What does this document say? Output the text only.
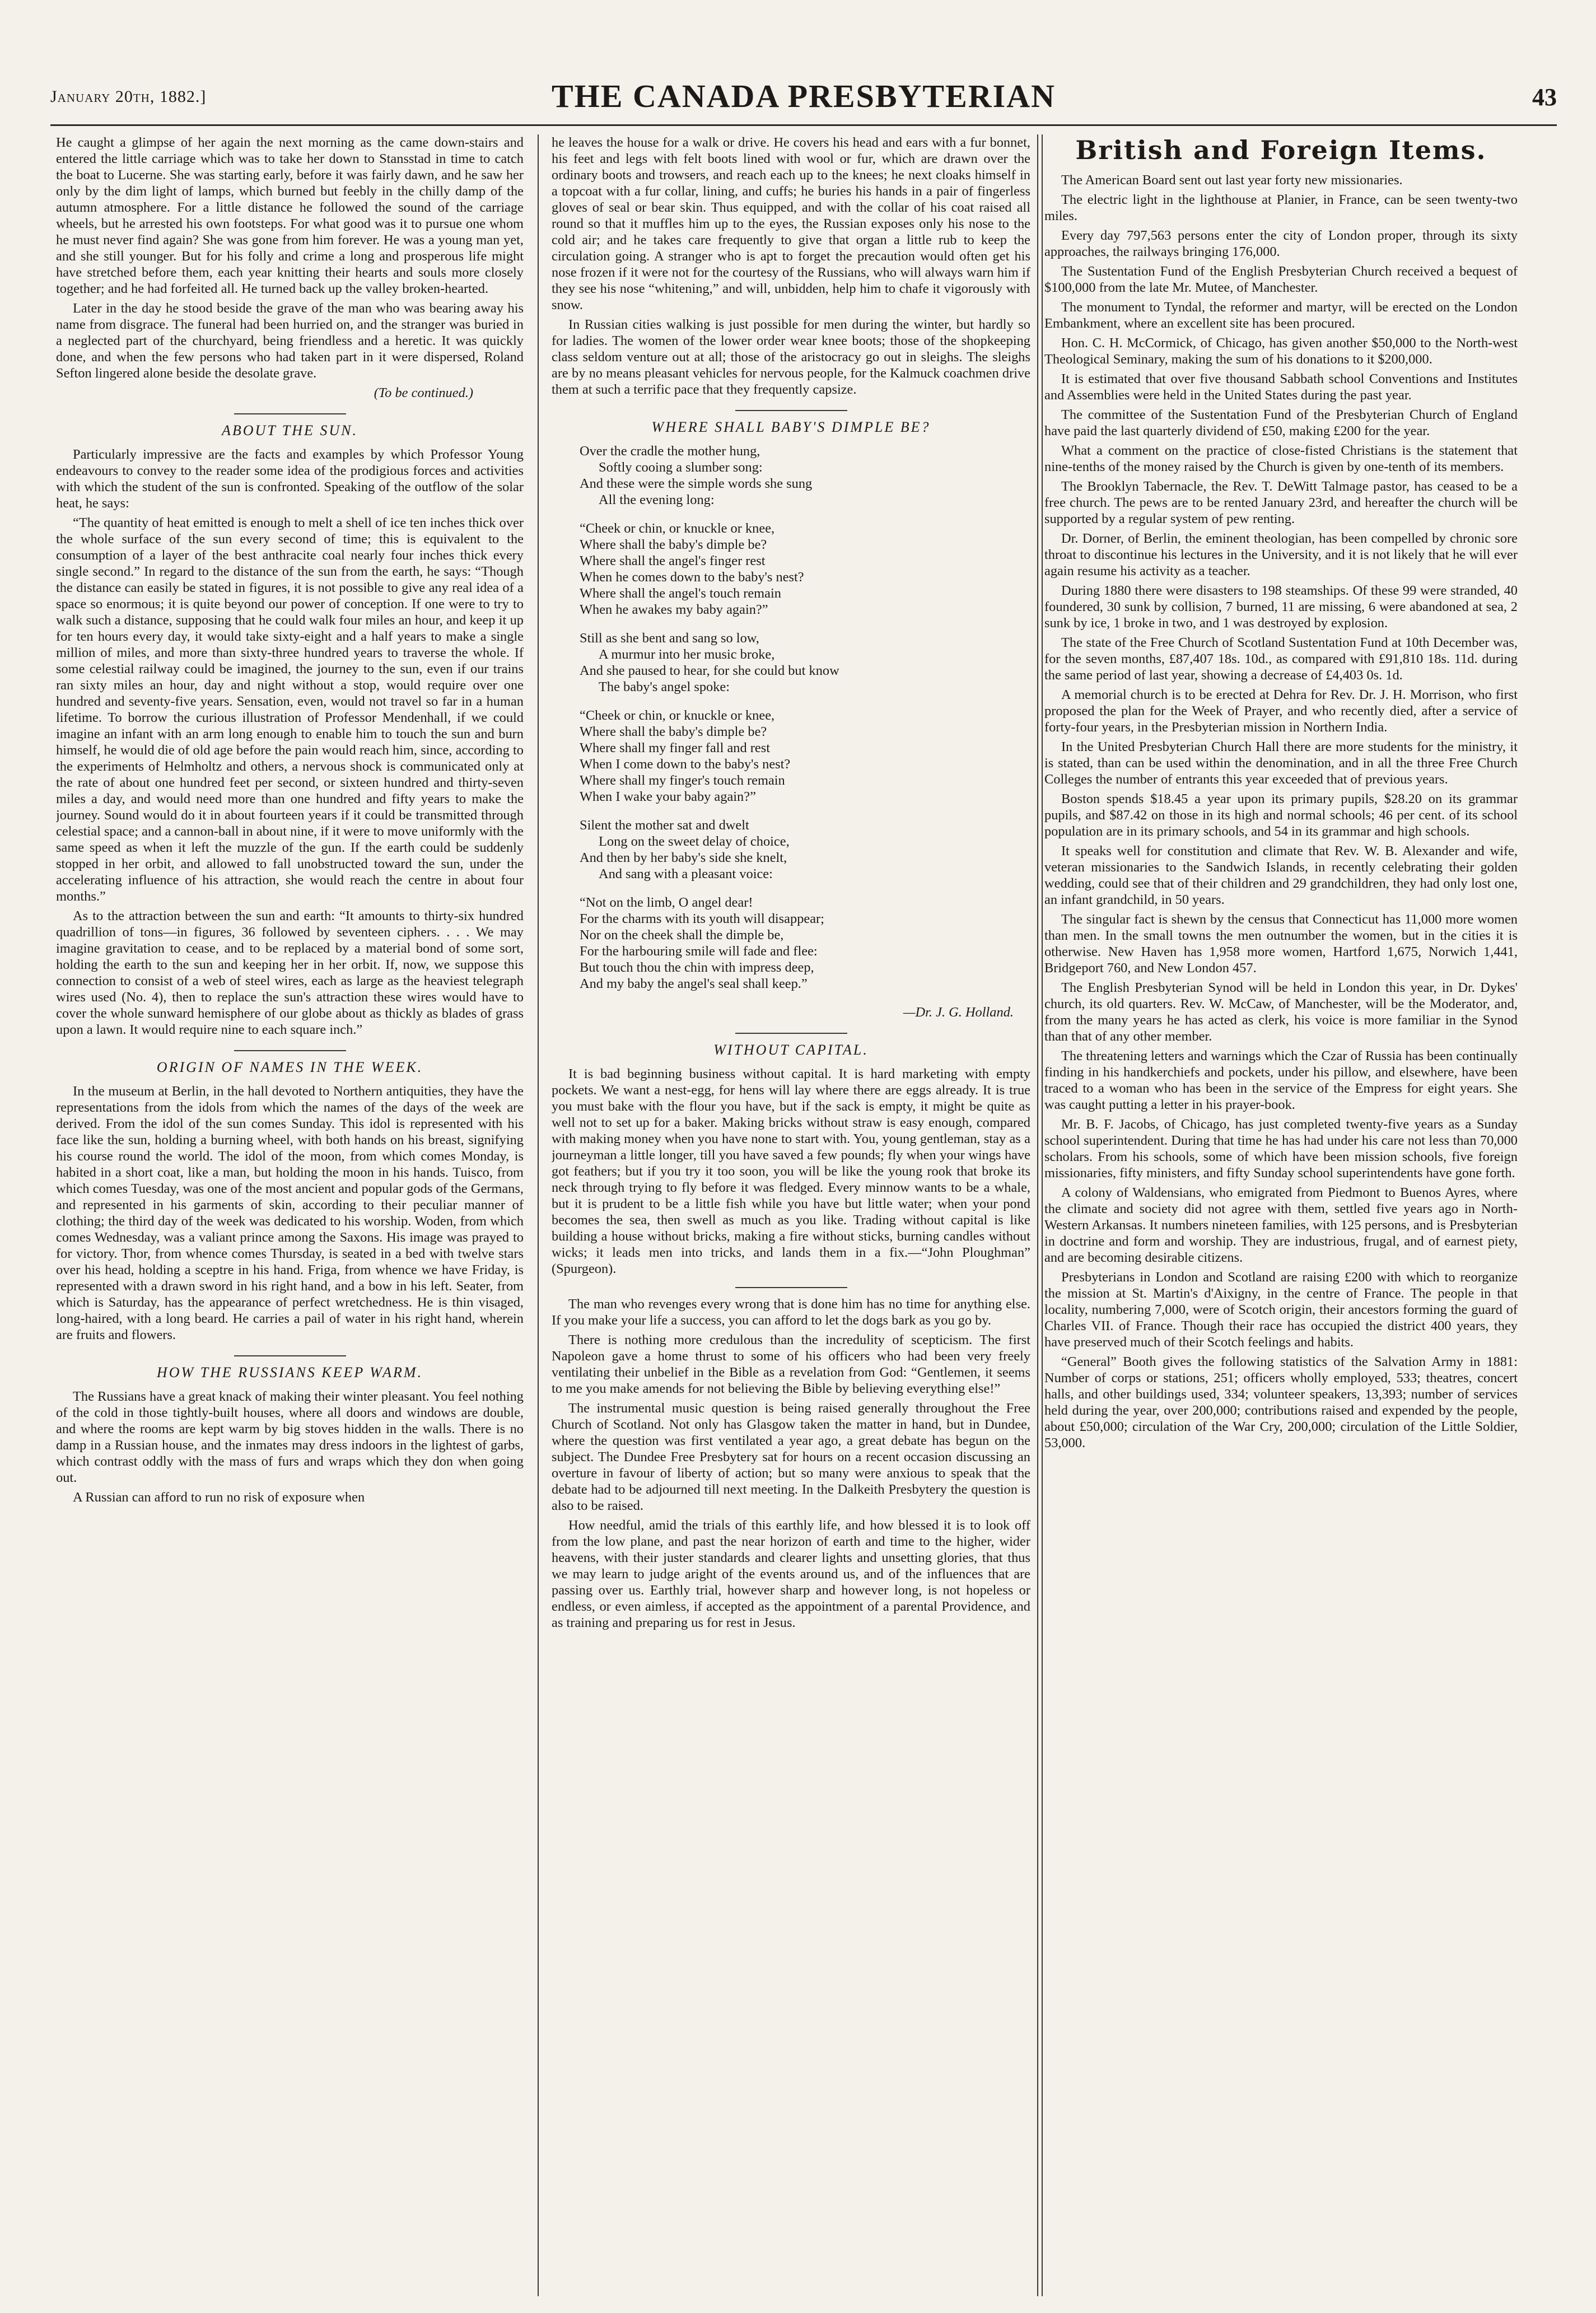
January 20th, 1882.]	THE CANADA PRESBYTERIAN	43

He caught a glimpse of her again the next morning as the came down-stairs and entered the little carriage which was to take her down to Stansstad in time to catch the boat to Lucerne. She was starting early, before it was fairly dawn, and he saw her only by the dim light of lamps, which burned but feebly in the chilly damp of the autumn atmosphere. For a little distance he followed the sound of the carriage wheels, but he arrested his own footsteps. For what good was it to pursue one whom he must never find again? She was gone from him forever. He was a young man yet, and she still younger. But for his folly and crime a long and prosperous life might have stretched before them, each year knitting their hearts and souls more closely together; and he had forfeited all. He turned back up the valley broken-hearted.

Later in the day he stood beside the grave of the man who was bearing away his name from disgrace. The funeral had been hurried on, and the stranger was buried in a neglected part of the churchyard, being friendless and a heretic. It was quickly done, and when the few persons who had taken part in it were dispersed, Roland Sefton lingered alone beside the desolate grave.

(To be continued.)
ABOUT THE SUN.

Particularly impressive are the facts and examples by which Professor Young endeavours to convey to the reader some idea of the prodigious forces and activities with which the student of the sun is confronted. Speaking of the outflow of the solar heat, he says:

“The quantity of heat emitted is enough to melt a shell of ice ten inches thick over the whole surface of the sun every second of time; this is equivalent to the consumption of a layer of the best anthracite coal nearly four inches thick every single second.” In regard to the distance of the sun from the earth, he says: “Though the distance can easily be stated in figures, it is not possible to give any real idea of a space so enormous; it is quite beyond our power of conception. If one were to try to walk such a distance, supposing that he could walk four miles an hour, and keep it up for ten hours every day, it would take sixty-eight and a half years to make a single million of miles, and more than sixty-three hundred years to traverse the whole. If some celestial railway could be imagined, the journey to the sun, even if our trains ran sixty miles an hour, day and night without a stop, would require over one hundred and seventy-five years. Sensation, even, would not travel so far in a human lifetime. To borrow the curious illustration of Professor Mendenhall, if we could imagine an infant with an arm long enough to enable him to touch the sun and burn himself, he would die of old age before the pain would reach him, since, according to the experiments of Helmholtz and others, a nervous shock is communicated only at the rate of about one hundred feet per second, or sixteen hundred and thirty-seven miles a day, and would need more than one hundred and fifty years to make the journey. Sound would do it in about fourteen years if it could be transmitted through celestial space; and a cannon-ball in about nine, if it were to move uniformly with the same speed as when it left the muzzle of the gun. If the earth could be suddenly stopped in her orbit, and allowed to fall unobstructed toward the sun, under the accelerating influence of his attraction, she would reach the centre in about four months.”

As to the attraction between the sun and earth: “It amounts to thirty-six hundred quadrillion of tons—in figures, 36 followed by seventeen ciphers. . . . We may imagine gravitation to cease, and to be replaced by a material bond of some sort, holding the earth to the sun and keeping her in her orbit. If, now, we suppose this connection to consist of a web of steel wires, each as large as the heaviest telegraph wires used (No. 4), then to replace the sun's attraction these wires would have to cover the whole sunward hemisphere of our globe about as thickly as blades of grass upon a lawn. It would require nine to each square inch.”

ORIGIN OF NAMES IN THE WEEK.

In the museum at Berlin, in the hall devoted to Northern antiquities, they have the representations from the idols from which the names of the days of the week are derived. From the idol of the sun comes Sunday. This idol is represented with his face like the sun, holding a burning wheel, with both hands on his breast, signifying his course round the world. The idol of the moon, from which comes Monday, is habited in a short coat, like a man, but holding the moon in his hands. Tuisco, from which comes Tuesday, was one of the most ancient and popular gods of the Germans, and represented in his garments of skin, according to their peculiar manner of clothing; the third day of the week was dedicated to his worship. Woden, from which comes Wednesday, was a valiant prince among the Saxons. His image was prayed to for victory. Thor, from whence comes Thursday, is seated in a bed with twelve stars over his head, holding a sceptre in his hand. Friga, from whence we have Friday, is represented with a drawn sword in his right hand, and a bow in his left. Seater, from which is Saturday, has the appearance of perfect wretchedness. He is thin visaged, long-haired, with a long beard. He carries a pail of water in his right hand, wherein are fruits and flowers.

HOW THE RUSSIANS KEEP WARM.

The Russians have a great knack of making their winter pleasant. You feel nothing of the cold in those tightly-built houses, where all doors and windows are double, and where the rooms are kept warm by big stoves hidden in the walls. There is no damp in a Russian house, and the inmates may dress indoors in the lightest of garbs, which contrast oddly with the mass of furs and wraps which they don when going out.

A Russian can afford to run no risk of exposure when

he leaves the house for a walk or drive. He covers his head and ears with a fur bonnet, his feet and legs with felt boots lined with wool or fur, which are drawn over the ordinary boots and trowsers, and reach each up to the knees; he next cloaks himself in a topcoat with a fur collar, lining, and cuffs; he buries his hands in a pair of fingerless gloves of seal or bear skin. Thus equipped, and with the collar of his coat raised all round so that it muffles him up to the eyes, the Russian exposes only his nose to the cold air; and he takes care frequently to give that organ a little rub to keep the circulation going. A stranger who is apt to forget the precaution would often get his nose frozen if it were not for the courtesy of the Russians, who will always warn him if they see his nose “whitening,” and will, unbidden, help him to chafe it vigorously with snow.

In Russian cities walking is just possible for men during the winter, but hardly so for ladies. The women of the lower order wear knee boots; those of the shopkeeping class seldom venture out at all; those of the aristocracy go out in sleighs. The sleighs are by no means pleasant vehicles for nervous people, for the Kalmuck coachmen drive them at such a terrific pace that they frequently capsize.

WHERE SHALL BABY'S DIMPLE BE?
Over the cradle the mother hung,
Softly cooing a slumber song:
And these were the simple words she sung
All the evening long:
“Cheek or chin, or knuckle or knee,
Where shall the baby's dimple be?
Where shall the angel's finger rest
When he comes down to the baby's nest?
Where shall the angel's touch remain
When he awakes my baby again?”
Still as she bent and sang so low,
A murmur into her music broke,
And she paused to hear, for she could but know
The baby's angel spoke:
“Cheek or chin, or knuckle or knee,
Where shall the baby's dimple be?
Where shall my finger fall and rest
When I come down to the baby's nest?
Where shall my finger's touch remain
When I wake your baby again?”
Silent the mother sat and dwelt
Long on the sweet delay of choice,
And then by her baby's side she knelt,
And sang with a pleasant voice:
“Not on the limb, O angel dear!
For the charms with its youth will disappear;
Nor on the cheek shall the dimple be,
For the harbouring smile will fade and flee:
But touch thou the chin with impress deep,
And my baby the angel's seal shall keep.”
—Dr. J. G. Holland.
WITHOUT CAPITAL.

It is bad beginning business without capital. It is hard marketing with empty pockets. We want a nest-egg, for hens will lay where there are eggs already. It is true you must bake with the flour you have, but if the sack is empty, it might be quite as well not to set up for a baker. Making bricks without straw is easy enough, compared with making money when you have none to start with. You, young gentleman, stay as a journeyman a little longer, till you have saved a few pounds; fly when your wings have got feathers; but if you try it too soon, you will be like the young rook that broke its neck through trying to fly before it was fledged. Every minnow wants to be a whale, but it is prudent to be a little fish while you have but little water; when your pond becomes the sea, then swell as much as you like. Trading without capital is like building a house without bricks, making a fire without sticks, burning candles without wicks; it leads men into tricks, and lands them in a fix.—“John Ploughman” (Spurgeon).

The man who revenges every wrong that is done him has no time for anything else. If you make your life a success, you can afford to let the dogs bark as you go by.

There is nothing more credulous than the incredulity of scepticism. The first Napoleon gave a home thrust to some of his officers who had been very freely ventilating their unbelief in the Bible as a revelation from God: “Gentlemen, it seems to me you make amends for not believing the Bible by believing everything else!”

The instrumental music question is being raised generally throughout the Free Church of Scotland. Not only has Glasgow taken the matter in hand, but in Dundee, where the question was first ventilated a year ago, a great debate has begun on the subject. The Dundee Free Presbytery sat for hours on a recent occasion discussing an overture in favour of liberty of action; but so many were anxious to speak that the debate had to be adjourned till next meeting. In the Dalkeith Presbytery the question is also to be raised.

How needful, amid the trials of this earthly life, and how blessed it is to look off from the low plane, and past the near horizon of earth and time to the higher, wider heavens, with their juster standards and clearer lights and unsetting glories, that thus we may learn to judge aright of the events around us, and of the influences that are passing over us. Earthly trial, however sharp and however long, is not hopeless or endless, or even aimless, if accepted as the appointment of a parental Providence, and as training and preparing us for rest in Jesus.

British and Foreign Items.

The American Board sent out last year forty new missionaries.

The electric light in the lighthouse at Planier, in France, can be seen twenty-two miles.

Every day 797,563 persons enter the city of London proper, through its sixty approaches, the railways bringing 176,000.

The Sustentation Fund of the English Presbyterian Church received a bequest of $100,000 from the late Mr. Mutee, of Manchester.

The monument to Tyndal, the reformer and martyr, will be erected on the London Embankment, where an excellent site has been procured.

Hon. C. H. McCormick, of Chicago, has given another $50,000 to the North-west Theological Seminary, making the sum of his donations to it $200,000.

It is estimated that over five thousand Sabbath school Conventions and Institutes and Assemblies were held in the United States during the past year.

The committee of the Sustentation Fund of the Presbyterian Church of England have paid the last quarterly dividend of £50, making £200 for the year.

What a comment on the practice of close-fisted Christians is the statement that nine-tenths of the money raised by the Church is given by one-tenth of its members.

The Brooklyn Tabernacle, the Rev. T. DeWitt Talmage pastor, has ceased to be a free church. The pews are to be rented January 23rd, and hereafter the church will be supported by a regular system of pew renting.

Dr. Dorner, of Berlin, the eminent theologian, has been compelled by chronic sore throat to discontinue his lectures in the University, and it is not likely that he will ever again resume his activity as a teacher.

During 1880 there were disasters to 198 steamships. Of these 99 were stranded, 40 foundered, 30 sunk by collision, 7 burned, 11 are missing, 6 were abandoned at sea, 2 sunk by ice, 1 broke in two, and 1 was destroyed by explosion.

The state of the Free Church of Scotland Sustentation Fund at 10th December was, for the seven months, £87,407 18s. 10d., as compared with £91,810 18s. 11d. during the same period of last year, showing a decrease of £4,403 0s. 1d.

A memorial church is to be erected at Dehra for Rev. Dr. J. H. Morrison, who first proposed the plan for the Week of Prayer, and who recently died, after a service of forty-four years, in the Presbyterian mission in Northern India.

In the United Presbyterian Church Hall there are more students for the ministry, it is stated, than can be used within the denomination, and in all the three Free Church Colleges the number of entrants this year exceeded that of previous years.

Boston spends $18.45 a year upon its primary pupils, $28.20 on its grammar pupils, and $87.42 on those in its high and normal schools; 46 per cent. of its school population are in its primary schools, and 54 in its grammar and high schools.

It speaks well for constitution and climate that Rev. W. B. Alexander and wife, veteran missionaries to the Sandwich Islands, in recently celebrating their golden wedding, could see that of their children and 29 grandchildren, they had only lost one, an infant grandchild, in 50 years.

The singular fact is shewn by the census that Connecticut has 11,000 more women than men. In the small towns the men outnumber the women, but in the cities it is otherwise. New Haven has 1,958 more women, Hartford 1,675, Norwich 1,441, Bridgeport 760, and New London 457.

The English Presbyterian Synod will be held in London this year, in Dr. Dykes' church, its old quarters. Rev. W. McCaw, of Manchester, will be the Moderator, and, from the many years he has acted as clerk, his voice is more familiar in the Synod than that of any other member.

The threatening letters and warnings which the Czar of Russia has been continually finding in his handkerchiefs and pockets, under his pillow, and elsewhere, have been traced to a woman who has been in the service of the Empress for eight years. She was caught putting a letter in his prayer-book.

Mr. B. F. Jacobs, of Chicago, has just completed twenty-five years as a Sunday school superintendent. During that time he has had under his care not less than 70,000 scholars. From his schools, some of which have been mission schools, five foreign missionaries, fifty ministers, and fifty Sunday school superintendents have gone forth.

A colony of Waldensians, who emigrated from Piedmont to Buenos Ayres, where the climate and society did not agree with them, settled five years ago in North-Western Arkansas. It numbers nineteen families, with 125 persons, and is Presbyterian in doctrine and form and worship. They are industrious, frugal, and of earnest piety, and are becoming desirable citizens.

Presbyterians in London and Scotland are raising £200 with which to reorganize the mission at St. Martin's d'Aixigny, in the centre of France. The people in that locality, numbering 7,000, were of Scotch origin, their ancestors forming the guard of Charles VII. of France. Though their race has occupied the district 400 years, they have preserved much of their Scotch feelings and habits.

“General” Booth gives the following statistics of the Salvation Army in 1881: Number of corps or stations, 251; officers wholly employed, 533; theatres, concert halls, and other buildings used, 334; volunteer speakers, 13,393; number of services held during the year, over 200,000; contributions raised and expended by the people, about £50,000; circulation of the War Cry, 200,000; circulation of the Little Soldier, 53,000.
